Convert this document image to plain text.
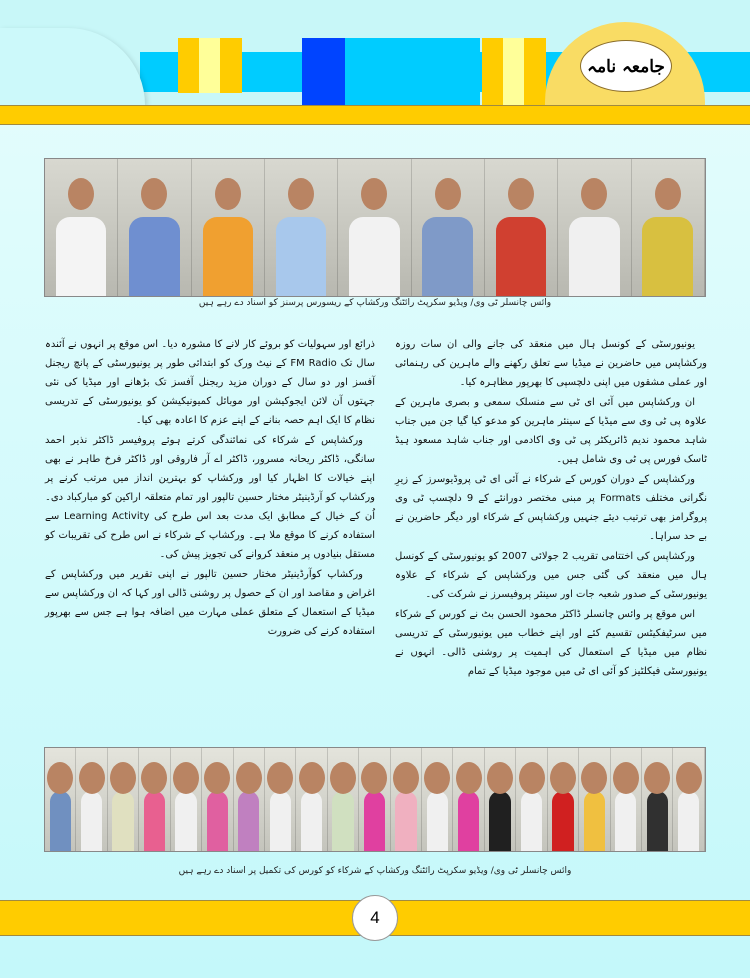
جامعہ نامہ
وائس چانسلر ٹی وی/ ویڈیو سکرپٹ رائٹنگ ورکشاپ کے ریسورس پرسنز کو اسناد دے رہے ہیں

یونیورسٹی کے کونسل ہال میں منعقد کی جانے والی ان سات روزہ ورکشاپس میں حاضرین نے میڈیا سے تعلق رکھنے والے ماہرین کی رہنمائی اور عملی مشقوں میں اپنی دلچسپی کا بھرپور مظاہرہ کیا۔

ان ورکشاپس میں آئی ای ٹی سے منسلک سمعی و بصری ماہرین کے علاوہ پی ٹی وی سے میڈیا کے سینئر ماہرین کو مدعو کیا گیا جن میں جناب شاہد محمود ندیم ڈائریکٹر پی ٹی وی اکادمی اور جناب شاہد مسعود ہیڈ ٹاسک فورس پی ٹی وی شامل ہیں۔

ورکشاپس کے دوران کورس کے شرکاء نے آئی ای ٹی پروڈیوسرز کے زیرِ نگرانی مختلف Formats پر مبنی مختصر دورانئے کے 9 دلچسپ ٹی وی پروگرامز بھی ترتیب دیئے جنہیں ورکشاپس کے شرکاء اور دیگر حاضرین نے بے حد سراہا۔

ورکشاپس کی اختتامی تقریب 2 جولائی 2007 کو یونیورسٹی کے کونسل ہال میں منعقد کی گئی جس میں ورکشاپس کے شرکاء کے علاوہ یونیورسٹی کے صدور شعبہ جات اور سینئر پروفیسرز نے شرکت کی۔

اس موقع پر وائس چانسلر ڈاکٹر محمود الحسن بٹ نے کورس کے شرکاء میں سرٹیفکیٹس تقسیم کئے اور اپنے خطاب میں یونیورسٹی کے تدریسی نظام میں میڈیا کے استعمال کی اہمیت پر روشنی ڈالی۔ انہوں نے یونیورسٹی فیکلٹیز کو آئی ای ٹی میں موجود میڈیا کے تمام

ذرائع اور سہولیات کو بروئے کار لانے کا مشورہ دیا۔ اس موقع پر انہوں نے آئندہ سال تک FM Radio کے نیٹ ورک کو ابتدائی طور پر یونیورسٹی کے پانچ ریجنل آفسز اور دو سال کے دوران مزید ریجنل آفسز تک بڑھانے اور میڈیا کی نئی جہتوں آن لائن ایجوکیشن اور موبائل کمیونیکیشن کو یونیورسٹی کے تدریسی نظام کا ایک اہم حصہ بنانے کے اپنے عزم کا اعادہ بھی کیا۔

ورکشاپس کے شرکاء کی نمائندگی کرتے ہوئے پروفیسر ڈاکٹر نذیر احمد سانگی، ڈاکٹر ریحانہ مسرور، ڈاکٹر اے آر فاروقی اور ڈاکٹر فرخ طاہر نے بھی اپنے خیالات کا اظہار کیا اور ورکشاپ کو بہترین انداز میں مرتب کرنے پر ورکشاپ کو آرڈینیٹر مختار حسین تالپور اور تمام متعلقہ اراکین کو مبارکباد دی۔ اُن کے خیال کے مطابق ایک مدت بعد اس طرح کی Learning Activity سے استفادہ کرنے کا موقع ملا ہے۔ ورکشاپ کے شرکاء نے اس طرح کی تقریبات کو مستقل بنیادوں پر منعقد کروانے کی تجویز پیش کی۔

ورکشاپ کوآرڈینیٹر مختار حسین تالپور نے اپنی تقریر میں ورکشاپس کے اغراض و مقاصد اور ان کے حصول پر روشنی ڈالی اور کہا کہ ان ورکشاپس سے میڈیا کے استعمال کے متعلق عملی مہارت میں اضافہ ہوا ہے جس سے بھرپور استفادہ کرنے کی ضرورت

وائس چانسلر ٹی وی/ ویڈیو سکرپٹ رائٹنگ ورکشاپ کے شرکاء کو کورس کی تکمیل پر اسناد دے رہے ہیں
4
